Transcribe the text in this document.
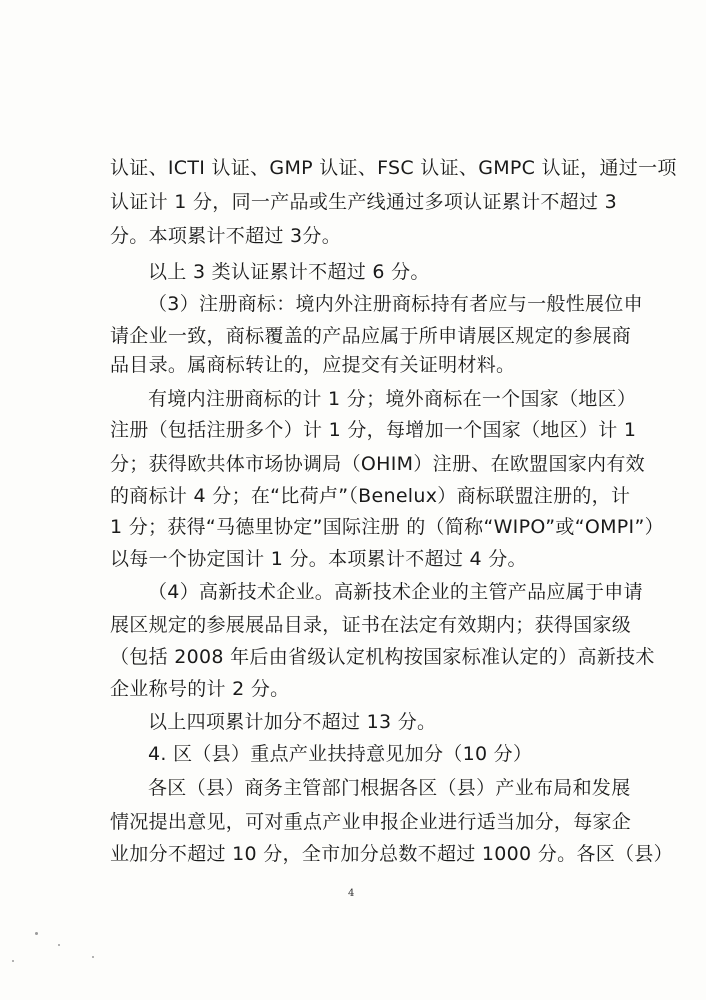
认证、ICTI 认证、GMP 认证、FSC 认证、GMPC 认证，通过一项
认证计 1 分，同一产品或生产线通过多项认证累计不超过 3
分。本项累计不超过 3分。
以上 3 类认证累计不超过 6 分。
（3）注册商标：境内外注册商标持有者应与一般性展位申
请企业一致，商标覆盖的产品应属于所申请展区规定的参展商
品目录。属商标转让的，应提交有关证明材料。
有境内注册商标的计 1 分；境外商标在一个国家（地区）
注册（包括注册多个）计 1 分，每增加一个国家（地区）计 1
分；获得欧共体市场协调局（OHIM）注册、在欧盟国家内有效
的商标计 4 分；在“比荷卢”（Benelux）商标联盟注册的，计
1 分；获得“马德里协定”国际注册 的（简称“WIPO”或“OMPI”）
以每一个协定国计 1 分。本项累计不超过 4 分。
（4）高新技术企业。高新技术企业的主管产品应属于申请
展区规定的参展展品目录，证书在法定有效期内；获得国家级
（包括 2008 年后由省级认定机构按国家标准认定的）高新技术
企业称号的计 2 分。
以上四项累计加分不超过 13 分。
4. 区（县）重点产业扶持意见加分（10 分）
各区（县）商务主管部门根据各区（县）产业布局和发展
情况提出意见，可对重点产业申报企业进行适当加分，每家企
业加分不超过 10 分，全市加分总数不超过 1000 分。各区（县）
4
